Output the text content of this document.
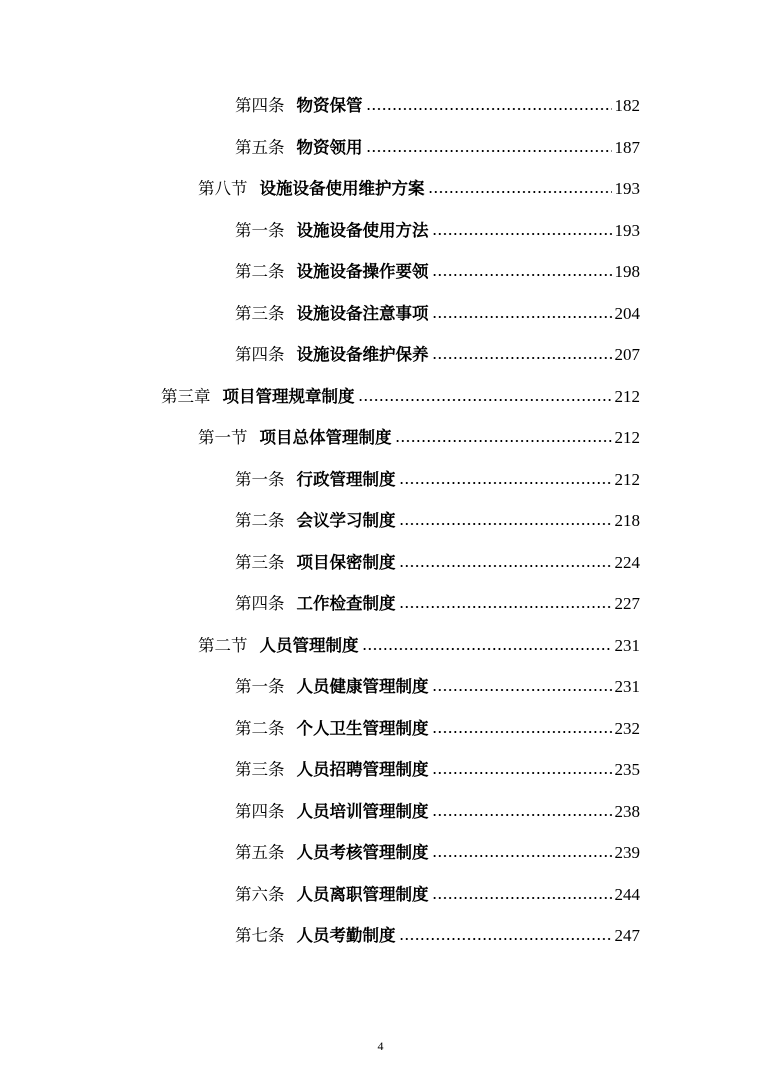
第四条 物资保管	182
第五条 物资领用	187
第八节 设施设备使用维护方案	193
第一条 设施设备使用方法	193
第二条 设施设备操作要领	198
第三条 设施设备注意事项	204
第四条 设施设备维护保养	207
第三章 项目管理规章制度	212
第一节 项目总体管理制度	212
第一条 行政管理制度	212
第二条 会议学习制度	218
第三条 项目保密制度	224
第四条 工作检查制度	227
第二节 人员管理制度	231
第一条 人员健康管理制度	231
第二条 个人卫生管理制度	232
第三条 人员招聘管理制度	235
第四条 人员培训管理制度	238
第五条 人员考核管理制度	239
第六条 人员离职管理制度	244
第七条 人员考勤制度	247
4
